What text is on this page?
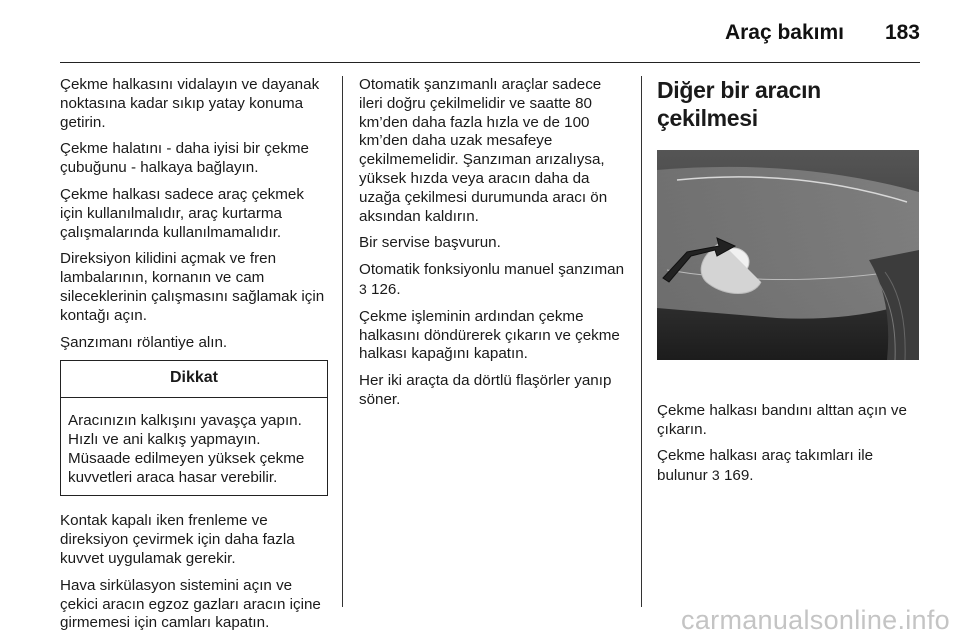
Araç bakımı 183

Çekme halkasını vidalayın ve dayanak noktasına kadar sıkıp yatay konuma getirin.

Çekme halatını - daha iyisi bir çekme çubuğunu - halkaya bağlayın.

Çekme halkası sadece araç çekmek için kullanılmalıdır, araç kurtarma çalışmalarında kullanılmamalıdır.

Direksiyon kilidini açmak ve fren lambalarının, kornanın ve cam sileceklerinin çalışmasını sağlamak için kontağı açın.

Şanzımanı rölantiye alın.

Dikkat
Aracınızın kalkışını yavaşça yapın. Hızlı ve ani kalkış yapmayın. Müsaade edilmeyen yüksek çekme kuvvetleri araca hasar verebilir.

Kontak kapalı iken frenleme ve direksiyon çevirmek için daha fazla kuvvet uygulamak gerekir.

Hava sirkülasyon sistemini açın ve çekici aracın egzoz gazları aracın içine girmemesi için camları kapatın.

Otomatik şanzımanlı araçlar sadece ileri doğru çekilmelidir ve saatte 80 km’den daha fazla hızla ve de 100 km’den daha uzak mesafeye çekilmemelidir. Şanzıman arızalıysa, yüksek hızda veya aracın daha da uzağa çekilmesi durumunda aracı ön aksından kaldırın.

Bir servise başvurun.

Otomatik fonksiyonlu manuel şanzıman 3 126.

Çekme işleminin ardından çekme halkasını döndürerek çıkarın ve çekme halkası kapağını kapatın.

Her iki araçta da dörtlü flaşörler yanıp söner.

Diğer bir aracın çekilmesi

Çekme halkası bandını alttan açın ve çıkarın.

Çekme halkası araç takımları ile bulunur 3 169.

carmanualsonline.info
